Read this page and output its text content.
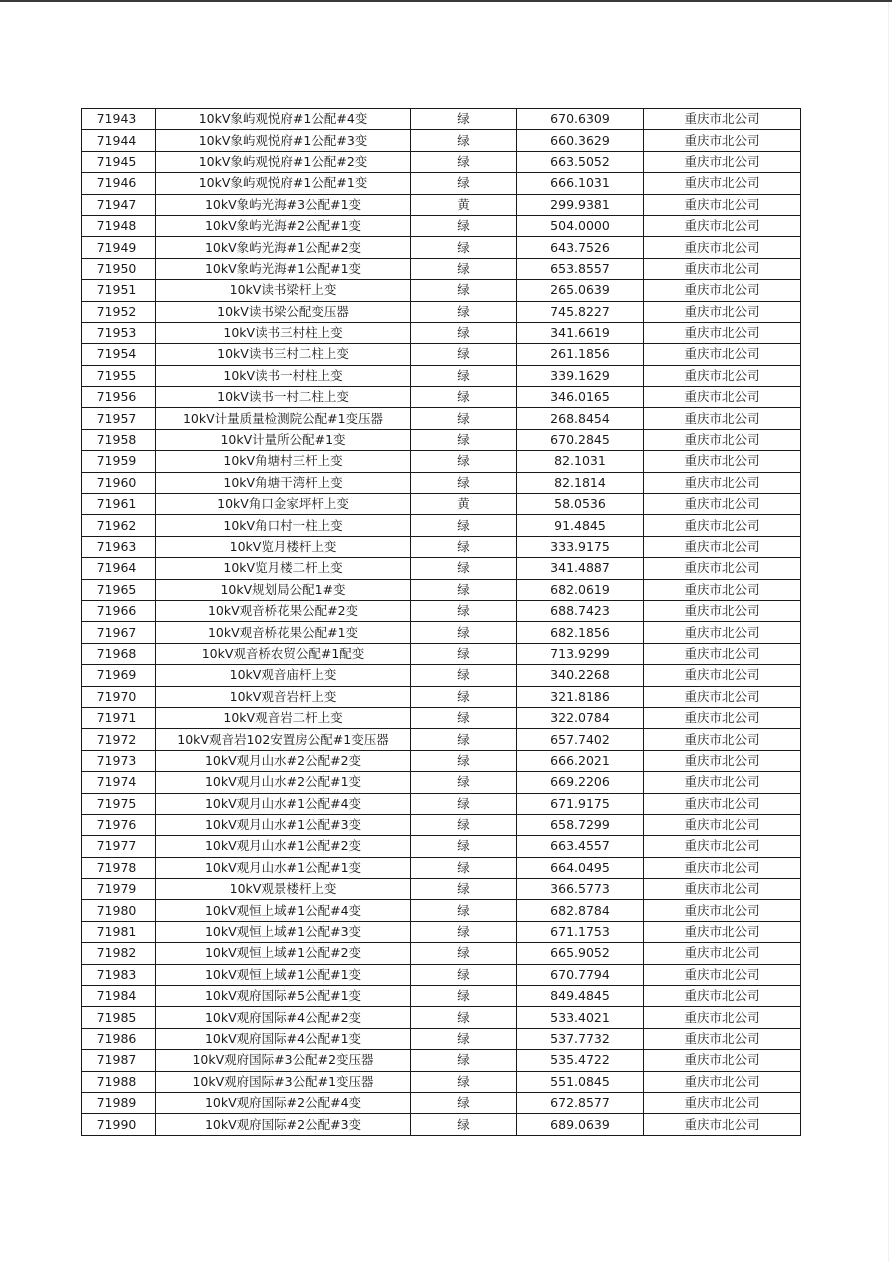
71943	10kV象屿观悦府#1公配#4变	绿	670.6309	重庆市北公司
71944	10kV象屿观悦府#1公配#3变	绿	660.3629	重庆市北公司
71945	10kV象屿观悦府#1公配#2变	绿	663.5052	重庆市北公司
71946	10kV象屿观悦府#1公配#1变	绿	666.1031	重庆市北公司
71947	10kV象屿光海#3公配#1变	黄	299.9381	重庆市北公司
71948	10kV象屿光海#2公配#1变	绿	504.0000	重庆市北公司
71949	10kV象屿光海#1公配#2变	绿	643.7526	重庆市北公司
71950	10kV象屿光海#1公配#1变	绿	653.8557	重庆市北公司
71951	10kV读书梁杆上变	绿	265.0639	重庆市北公司
71952	10kV读书梁公配变压器	绿	745.8227	重庆市北公司
71953	10kV读书三村柱上变	绿	341.6619	重庆市北公司
71954	10kV读书三村二柱上变	绿	261.1856	重庆市北公司
71955	10kV读书一村柱上变	绿	339.1629	重庆市北公司
71956	10kV读书一村二柱上变	绿	346.0165	重庆市北公司
71957	10kV计量质量检测院公配#1变压器	绿	268.8454	重庆市北公司
71958	10kV计量所公配#1变	绿	670.2845	重庆市北公司
71959	10kV角塘村三杆上变	绿	82.1031	重庆市北公司
71960	10kV角塘干湾杆上变	绿	82.1814	重庆市北公司
71961	10kV角口金家坪杆上变	黄	58.0536	重庆市北公司
71962	10kV角口村一柱上变	绿	91.4845	重庆市北公司
71963	10kV览月楼杆上变	绿	333.9175	重庆市北公司
71964	10kV览月楼二杆上变	绿	341.4887	重庆市北公司
71965	10kV规划局公配1#变	绿	682.0619	重庆市北公司
71966	10kV观音桥花果公配#2变	绿	688.7423	重庆市北公司
71967	10kV观音桥花果公配#1变	绿	682.1856	重庆市北公司
71968	10kV观音桥农贸公配#1配变	绿	713.9299	重庆市北公司
71969	10kV观音庙杆上变	绿	340.2268	重庆市北公司
71970	10kV观音岩杆上变	绿	321.8186	重庆市北公司
71971	10kV观音岩二杆上变	绿	322.0784	重庆市北公司
71972	10kV观音岩102安置房公配#1变压器	绿	657.7402	重庆市北公司
71973	10kV观月山水#2公配#2变	绿	666.2021	重庆市北公司
71974	10kV观月山水#2公配#1变	绿	669.2206	重庆市北公司
71975	10kV观月山水#1公配#4变	绿	671.9175	重庆市北公司
71976	10kV观月山水#1公配#3变	绿	658.7299	重庆市北公司
71977	10kV观月山水#1公配#2变	绿	663.4557	重庆市北公司
71978	10kV观月山水#1公配#1变	绿	664.0495	重庆市北公司
71979	10kV观景楼杆上变	绿	366.5773	重庆市北公司
71980	10kV观恒上域#1公配#4变	绿	682.8784	重庆市北公司
71981	10kV观恒上域#1公配#3变	绿	671.1753	重庆市北公司
71982	10kV观恒上域#1公配#2变	绿	665.9052	重庆市北公司
71983	10kV观恒上域#1公配#1变	绿	670.7794	重庆市北公司
71984	10kV观府国际#5公配#1变	绿	849.4845	重庆市北公司
71985	10kV观府国际#4公配#2变	绿	533.4021	重庆市北公司
71986	10kV观府国际#4公配#1变	绿	537.7732	重庆市北公司
71987	10kV观府国际#3公配#2变压器	绿	535.4722	重庆市北公司
71988	10kV观府国际#3公配#1变压器	绿	551.0845	重庆市北公司
71989	10kV观府国际#2公配#4变	绿	672.8577	重庆市北公司
71990	10kV观府国际#2公配#3变	绿	689.0639	重庆市北公司
